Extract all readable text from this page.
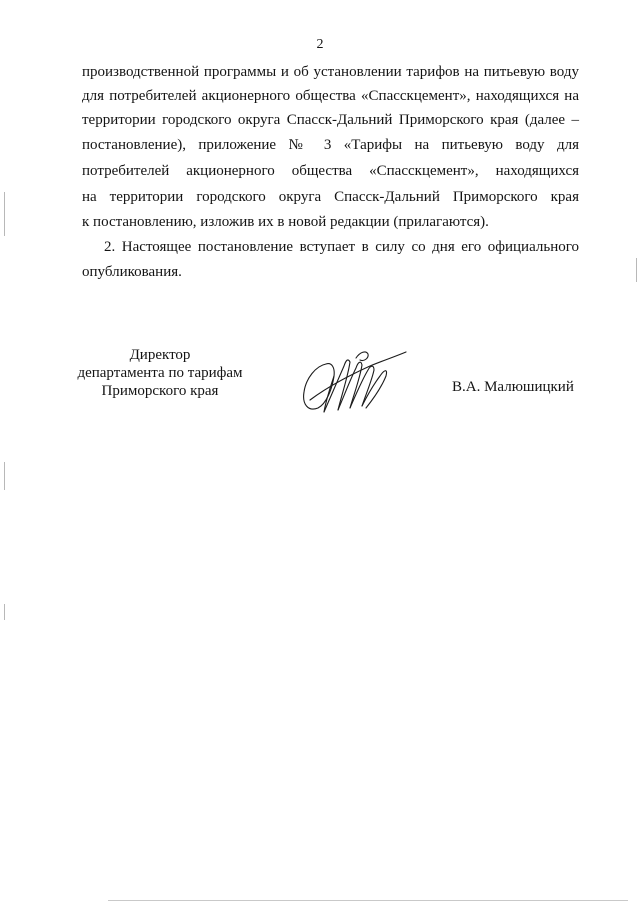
2
производственной программы и об установлении тарифов на питьевую воду
для потребителей акционерного общества «Спасскцемент», находящихся на
территории городского округа Спасск-Дальний Приморского края (далее –
постановление), приложение № 3 «Тарифы на питьевую воду для
потребителей акционерного общества «Спасскцемент», находящихся
на территории городского округа Спасск-Дальний Приморского края
к постановлению, изложив их в новой редакции (прилагаются).
2. Настоящее постановление вступает в силу со дня его официального
опубликования.
Директор
департамента по тарифам
Приморского края	В.А. Малюшицкий
